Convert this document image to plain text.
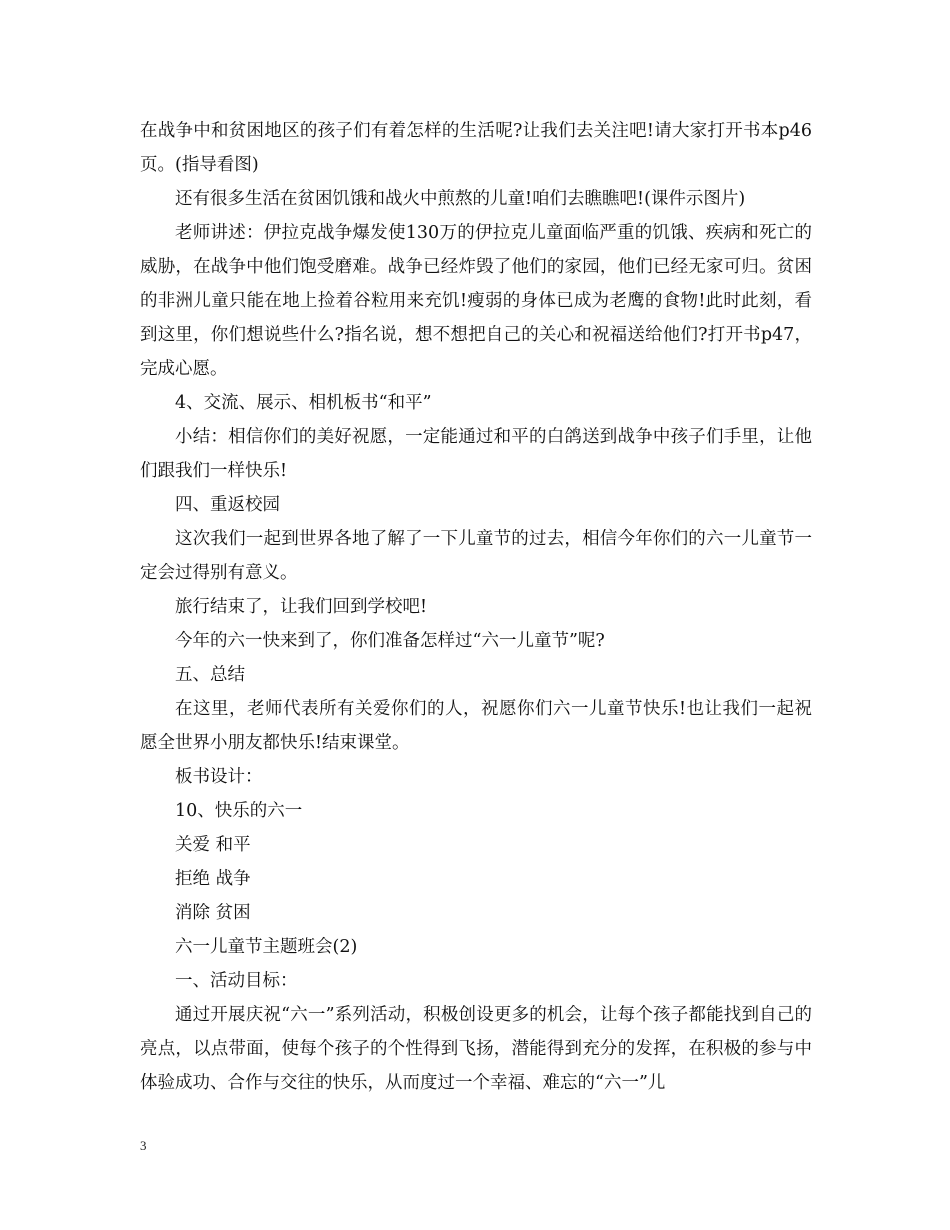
在战争中和贫困地区的孩子们有着怎样的生活呢?让我们去关注吧!请大家打开书本p46页。(指导看图)

还有很多生活在贫困饥饿和战火中煎熬的儿童!咱们去瞧瞧吧!(课件示图片)

老师讲述：伊拉克战争爆发使130万的伊拉克儿童面临严重的饥饿、疾病和死亡的威胁，在战争中他们饱受磨难。战争已经炸毁了他们的家园，他们已经无家可归。贫困的非洲儿童只能在地上捡着谷粒用来充饥!瘦弱的身体已成为老鹰的食物!此时此刻，看到这里，你们想说些什么?指名说，想不想把自己的关心和祝福送给他们?打开书p47，完成心愿。

4、交流、展示、相机板书“和平”

小结：相信你们的美好祝愿，一定能通过和平的白鸽送到战争中孩子们手里，让他们跟我们一样快乐!

四、重返校园

这次我们一起到世界各地了解了一下儿童节的过去，相信今年你们的六一儿童节一定会过得别有意义。

旅行结束了，让我们回到学校吧!

今年的六一快来到了，你们准备怎样过“六一儿童节”呢?

五、总结

在这里，老师代表所有关爱你们的人，祝愿你们六一儿童节快乐!也让我们一起祝愿全世界小朋友都快乐!结束课堂。

板书设计：

10、快乐的六一

关爱 和平

拒绝 战争

消除 贫困

六一儿童节主题班会(2)

一、活动目标：

通过开展庆祝“六一”系列活动，积极创设更多的机会，让每个孩子都能找到自己的亮点，以点带面，使每个孩子的个性得到飞扬，潜能得到充分的发挥，在积极的参与中体验成功、合作与交往的快乐，从而度过一个幸福、难忘的“六一”儿

3
